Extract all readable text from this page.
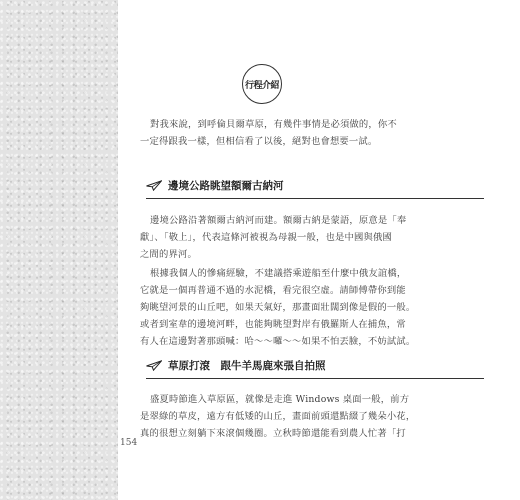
154
行程介紹

對我來說，到呼倫貝爾草原，有幾件事情是必須做的，你不
一定得跟我一樣，但相信看了以後，絕對也會想要一試。

邊境公路眺望額爾古納河

邊境公路沿著額爾古納河而建。額爾古納是蒙語，原意是「奉
獻」、「敬上」，代表這條河被視為母親一般，也是中國與俄國
之間的界河。

根據我個人的慘痛經驗，不建議搭乘遊船至什麼中俄友誼橋，
它就是一個再普通不過的水泥橋，看完很空虛。請師傅帶你到能
夠眺望河景的山丘吧，如果天氣好，那畫面壯闊到像是假的一般。
或者到室韋的邊境河畔，也能夠眺望對岸有俄羅斯人在捕魚，常
有人在這邊對著那頭喊：哈～～囉～～如果不怕丟臉，不妨試試。

草原打滾　跟牛羊馬鹿來張自拍照

盛夏時節進入草原區，就像是走進 Windows 桌面一般，前方
是翠綠的草皮，遠方有低矮的山丘，畫面前頭還點綴了幾朵小花，
真的很想立刻躺下來滾個幾圈。立秋時節還能看到農人忙著「打
